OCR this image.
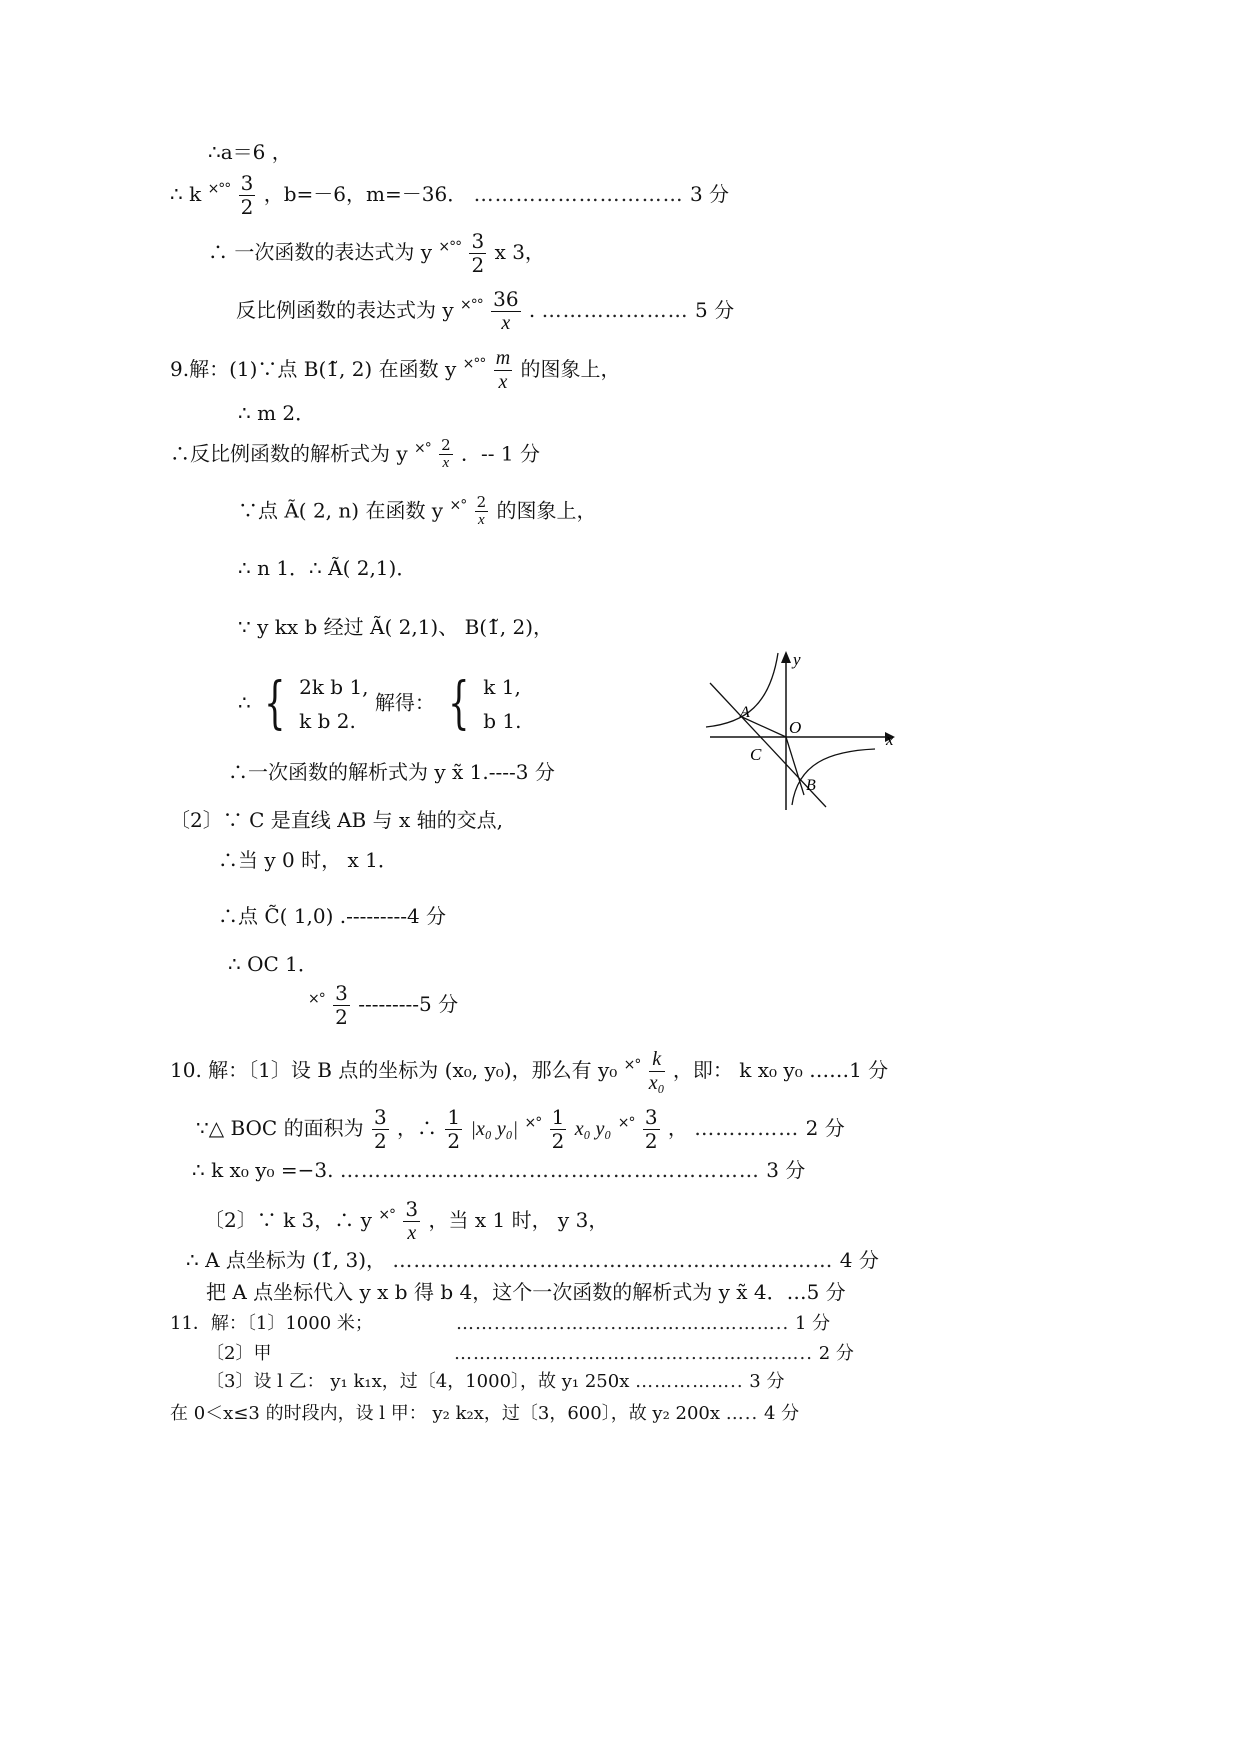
∴a＝6 ，
∴ k $^{\times^\circ^\circ} \frac{3}{2}$ ，b=－6，m=－36． ………………………… 3 分
∴ 一次函数的表达式为 y $^{\times^\circ^\circ} \frac{3}{2}$ x 3，
反比例函数的表达式为 y $^{\times^\circ^\circ} \frac{36}{x}$ . ………………… 5 分
9.解：(1)∵点 B(1̃, 2) 在函数 y $^{\times^\circ^\circ} \frac{m}{x}$ 的图象上，
∴ m 2．
∴反比例函数的解析式为 y $^{\times^\circ} \frac{2}{x}$ ．-- 1 分
∵点 Ã( 2, n) 在函数 y $^{\times^\circ} \frac{2}{x}$ 的图象上，
∴ n 1．∴ Ã( 2,1)．
∵ y kx b 经过 Ã( 2,1)、 B(1̃, 2)，
∴ { 2k b 1,
k b 2.
解得： { k 1,
b 1.
∴一次函数的解析式为 y x̃ 1.----3 分
〔2〕∵ C 是直线 AB 与 x 轴的交点,
∴当 y 0 时， x 1．
∴点 C̃( 1,0) .---------4 分
∴ OC 1．
$^{\times^\circ} \frac{3}{2} ---------5$ 分
y
x
O
A
C
B
10. 解：〔1〕设 B 点的坐标为 (x₀, y₀)，那么有 y₀ $^{\times^\circ} \frac{k}{\text{x₀}}$ ，即： k x₀ y₀ ……1 分
∵△ BOC 的面积为 $\frac{3}{2}$ ，∴ $\frac{1}{2} |x_0$ y₀| $^{\times^\circ} \frac{1}{2} x_0$ y₀ $^{\times^\circ} \frac{3}{2}$ ， …………… 2 分
∴ k x₀ y₀ =−3. …………………………………………………… 3 分
〔2〕∵ k 3，∴ y $^{\times^\circ} \frac{3}{x}$ ，当 x 1 时， y 3，
∴ A 点坐标为 (1̃, 3)， ……………………………………………………… 4 分
把 A 点坐标代入 y x b 得 b 4，这个一次函数的解析式为 y x̃ 4．…5 分
11．解：〔1〕1000 米；	……..……...……...…………………….. 1 分
〔2〕甲	………………...……...……...…………….. 2 分
〔3〕设 l 乙： y₁ k₁x，过〔4，1000〕，故 y₁ 250x …………….. 3 分
在 0＜x≤3 的时段内，设 l 甲： y₂ k₂x，过〔3，600〕，故 y₂ 200x ….. 4 分
